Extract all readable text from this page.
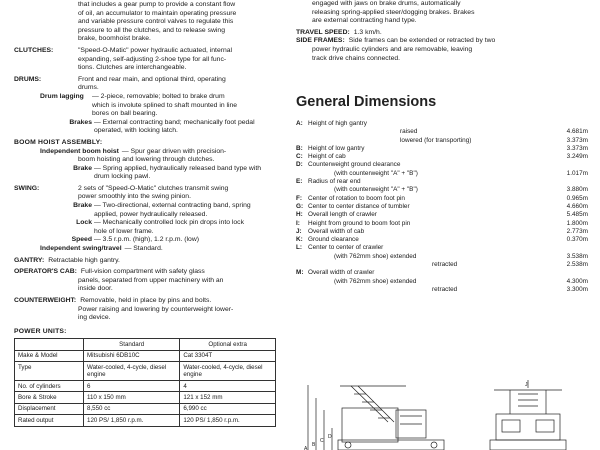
that includes a gear pump to provide a constant flow
of oil, an accumulator to maintain operating pressure
and variable pressure control valves to regulate this
pressure to all the clutches, and to release swing
brake, boomhoist brake.
CLUTCHES:	"Speed-O-Matic" power hydraulic actuated, internal
expanding, self-adjusting 2-shoe type for all func-
tions. Clutches are interchangeable.
DRUMS:	Front and rear main, and optional third, operating
drums.
Drum lagging	— 2-piece, removable; bolted to brake drum
which is involute splined to shaft mounted in line
bores on ball bearing.
Brakes — External contracting band; mechanically foot pedal
operated, with locking latch.
BOOM HOIST ASSEMBLY:
Independent boom hoist — Spur gear driven with precision-
boom hoisting and lowering through clutches.
Brake — Spring applied, hydraulically released band type with
drum locking pawl.
SWING:	2 sets of "Speed-O-Matic" clutches transmit swing
power smoothly into the swing pinion.
Brake — Two-directional, external contracting band, spring
applied, power hydraulically released.
Lock — Mechanically controlled lock pin drops into lock
hole of lower frame.
Speed — 3.5 r.p.m. (high), 1.2 r.p.m. (low)
Independent swing/travel — Standard.
GANTRY: Retractable high gantry.
OPERATOR'S CAB: Full-vision compartment with safety glass
panels, separated from upper machinery with an
inside door.
COUNTERWEIGHT: Removable, held in place by pins and bolts.
Power raising and lowering by counterweight lower-
ing device.
POWER UNITS:
	Standard	Optional extra
Make & Model	Mitsubishi 6DB10C	Cat 3304T
Type	Water-cooled, 4-cycle, diesel engine	Water-cooled, 4-cycle, diesel engine
No. of cylinders	6	4
Bore & Stroke	110 x 150 mm	121 x 152 mm
Displacement	8,550 cc	6,990 cc
Rated output	120 PS/ 1,850 r.p.m.	120 PS/ 1,850 r.p.m.
engaged with jaws on brake drums, automatically
releasing spring-applied steer/dogging brakes. Brakes
are external contracting hand type.
TRAVEL SPEED: 1.3 km/h.
SIDE FRAMES: Side frames can be extended or retracted by two
power hydraulic cylinders and are removable, leaving
track drive chains connected.
General Dimensions
A: Height of high gantry
raised	4.681m
lowered (for transporting)	3.373m
B: Height of low gantry	3.373m
C: Height of cab	3.249m
D: Counterweight ground clearance
(with counterweight "A" + "B")	1.017m
E: Radius of rear end
(with counterweight "A" + "B")	3.880m
F: Center of rotation to boom foot pin	0.965m
G: Center to center distance of tumbler	4.660m
H: Overall length of crawler	5.485m
I:	Height from ground to boom foot pin	1.800m
J: Overall width of cab	2.773m
K: Ground clearance	0.370m
L: Center to center of crawler
(with 762mm shoe) extended	3.538m
retracted	2.538m
M: Overall width of crawler
(with 762mm shoe) extended	4.300m
retracted	3.300m
A
B
C
D
J
